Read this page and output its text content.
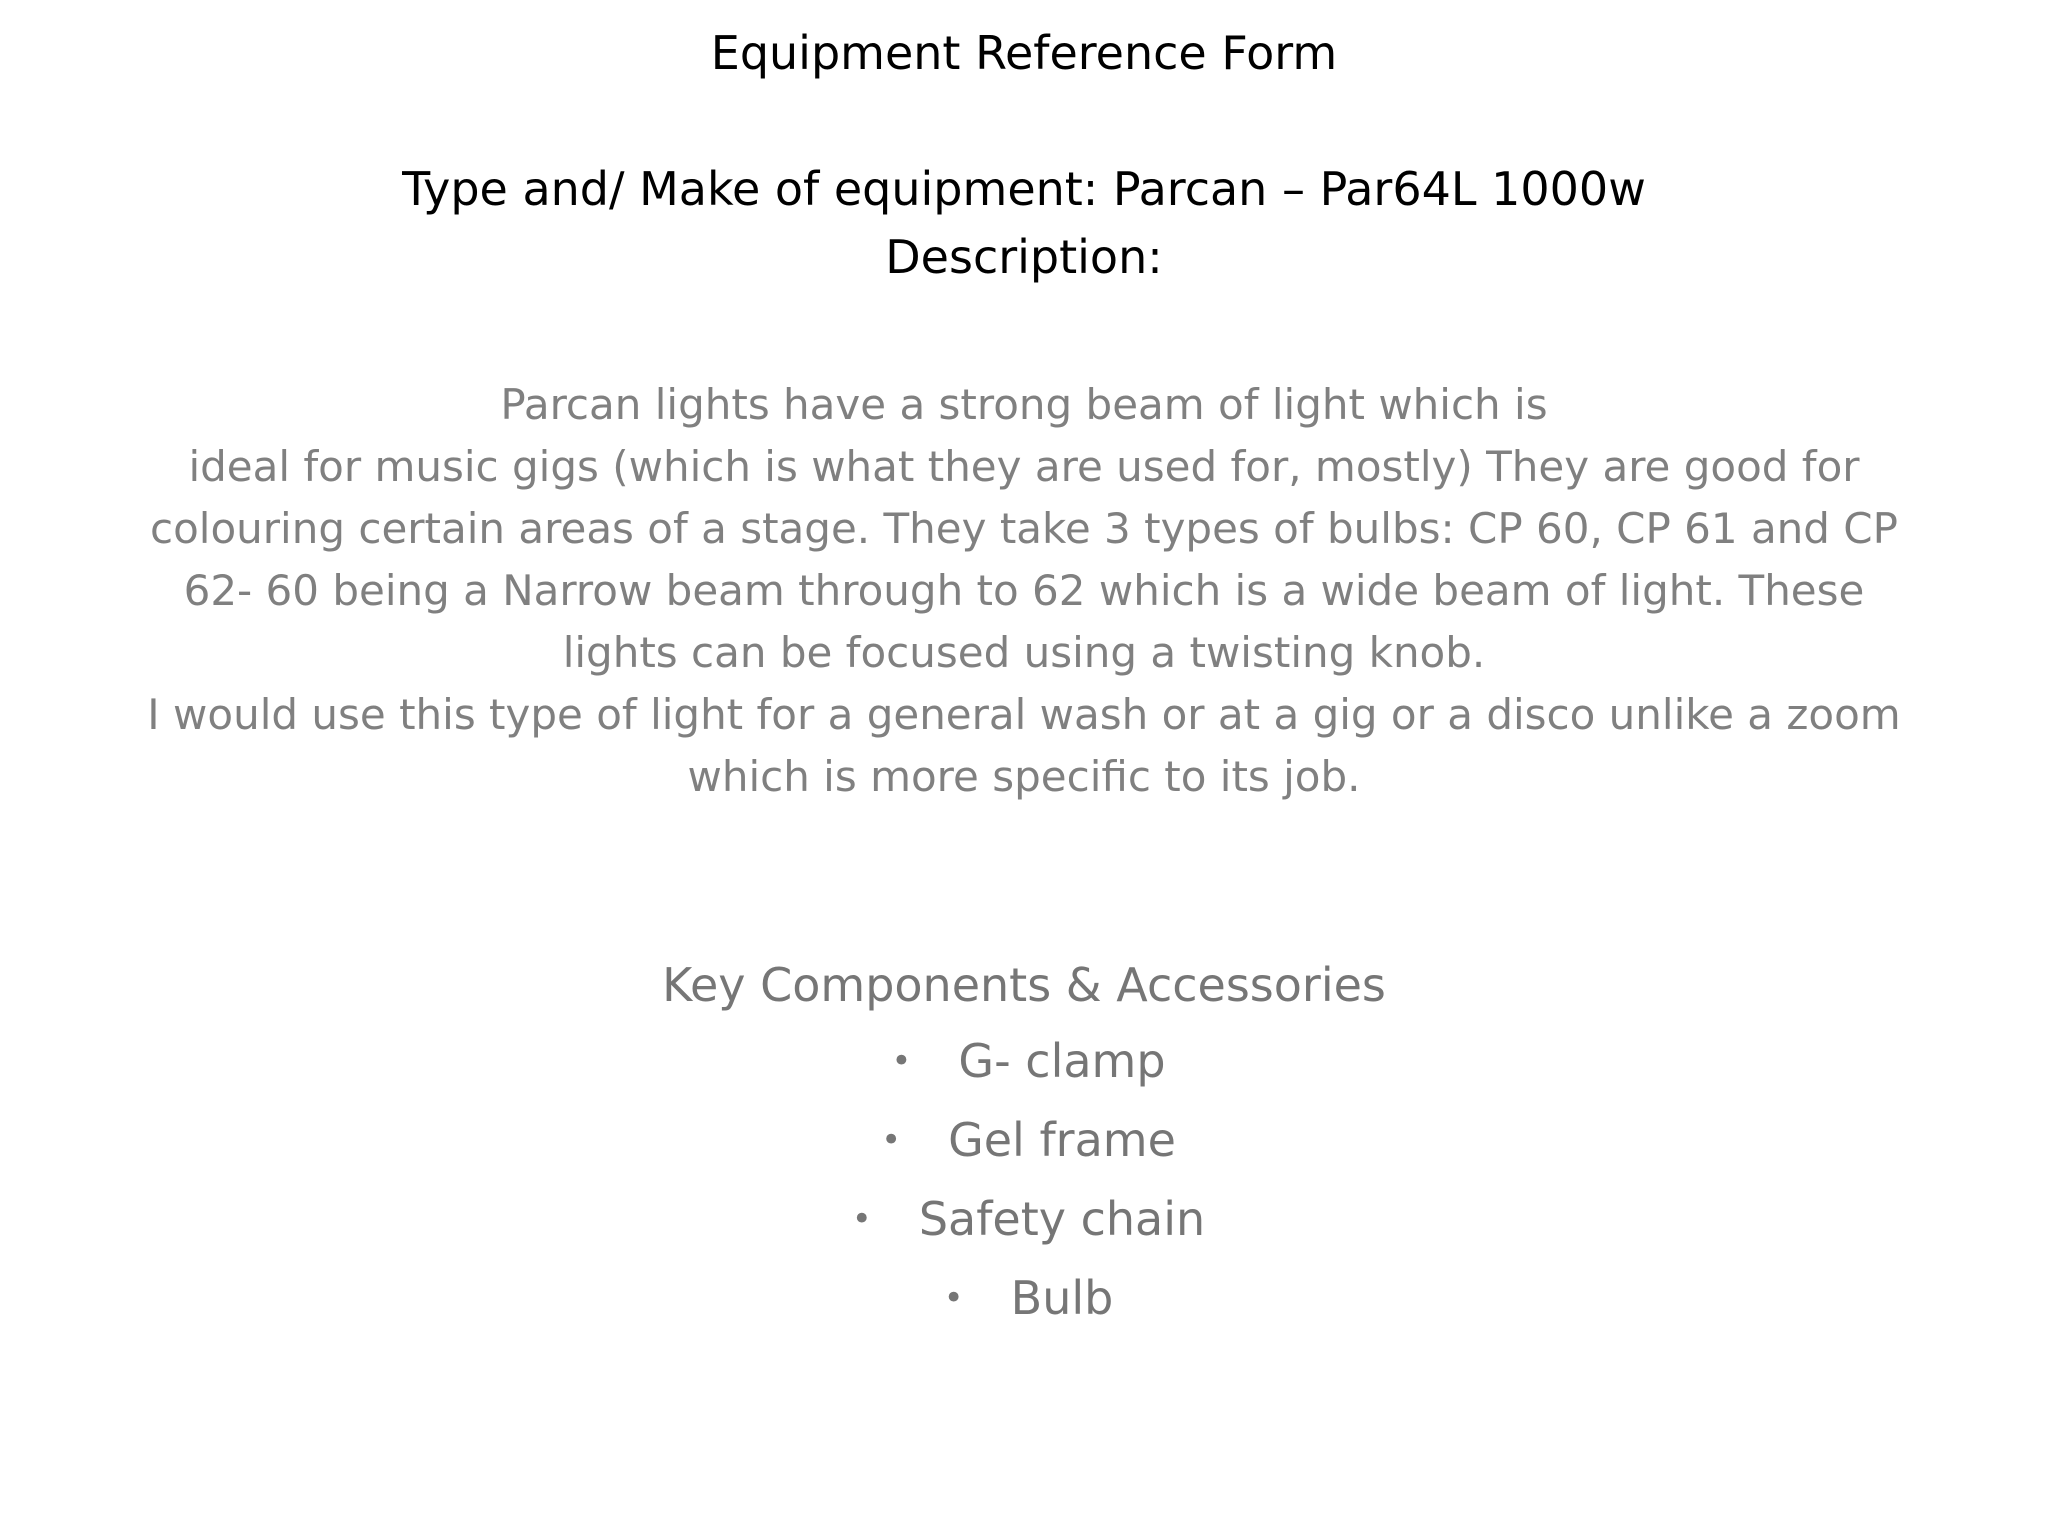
Equipment Reference Form
Type and/ Make of equipment: Parcan – Par64L 1000w
Description:
Parcan lights have a strong beam of light which is
ideal for music gigs (which is what they are used for, mostly) They are good for
colouring certain areas of a stage. They take 3 types of bulbs: CP 60, CP 61 and CP
62- 60 being a Narrow beam through to 62 which is a wide beam of light. These
lights can be focused using a twisting knob.
I would use this type of light for a general wash or at a gig or a disco unlike a zoom
which is more specific to its job.
Key Components & Accessories
• G- clamp
• Gel frame
• Safety chain
• Bulb
